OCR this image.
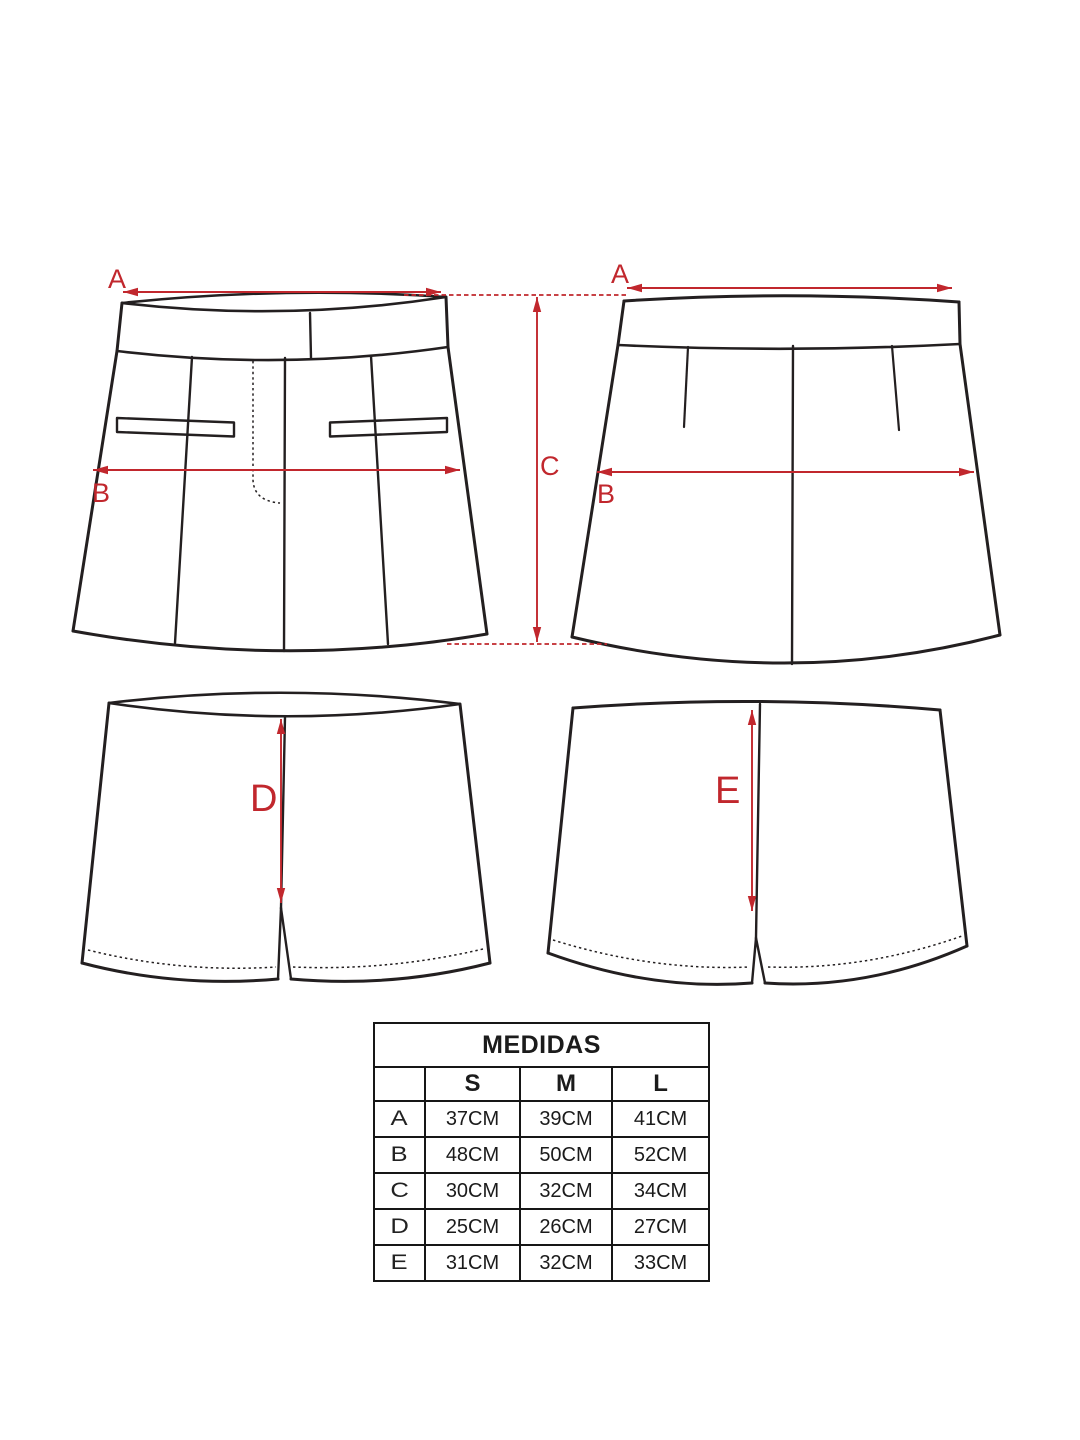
A	A
B	B
C
D	E
MEDIDAS			
	S	M	L
A	37CM	39CM	41CM
B	48CM	50CM	52CM
C	30CM	32CM	34CM
D	25CM	26CM	27CM
E	31CM	32CM	33CM
